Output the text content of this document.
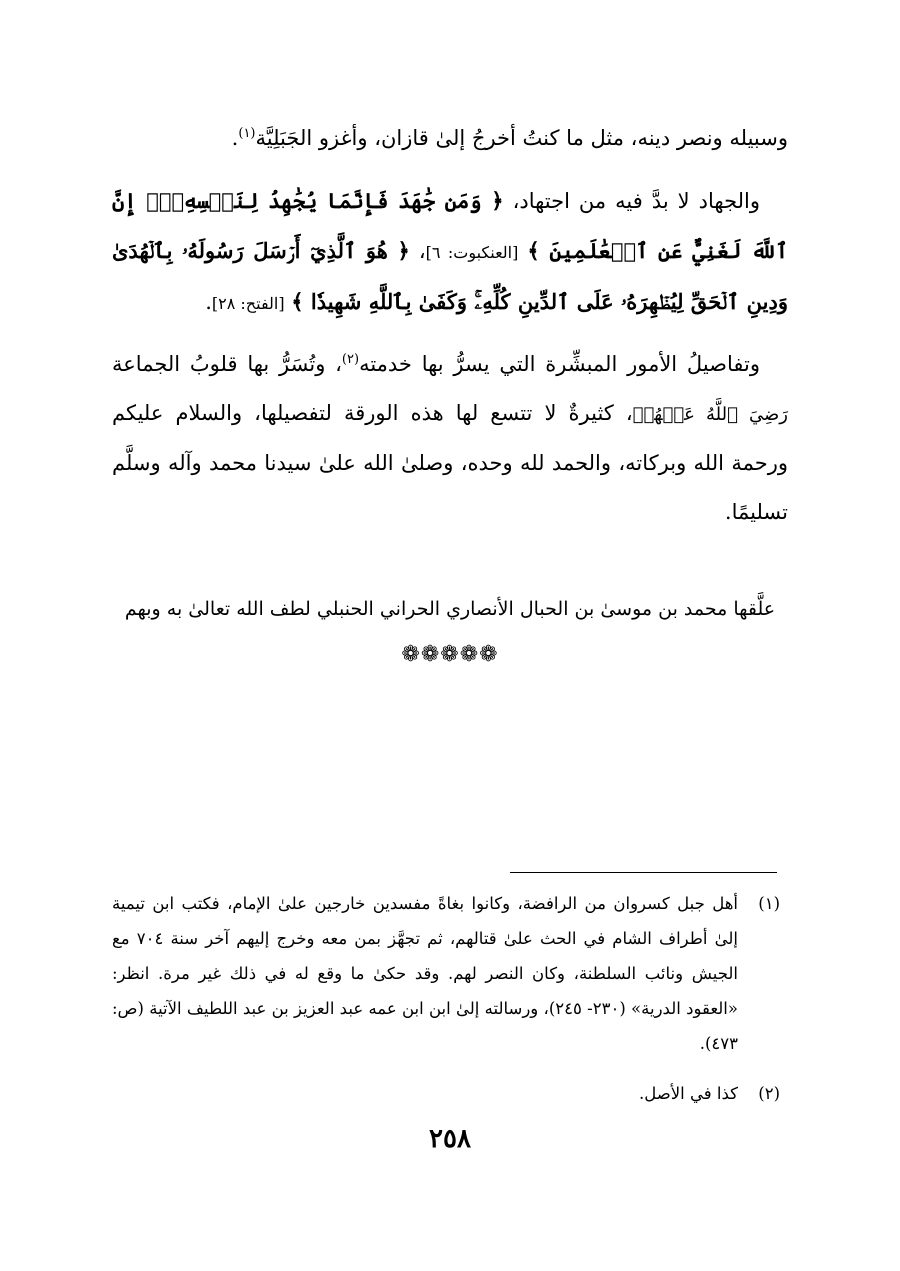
وسبيله ونصر دينه، مثل ما كنتُ أخرجُ إلىٰ قازان، وأغزو الجَبَلِيَّة$^{(١)}$.

والجهاد لا بدَّ فيه من اجتهاد، ﴿ وَمَن جَٰهَدَ فَإِنَّمَا يُجَٰهِدُ لِنَفۡسِهِۦٓۚ إِنَّ ٱللَّهَ لَغَنِيٌّ عَنِ ٱلۡعَٰلَمِينَ ﴾ [العنكبوت: ٦]، ﴿ هُوَ ٱلَّذِيٓ أَرۡسَلَ رَسُولَهُۥ بِٱلۡهُدَىٰ وَدِينِ ٱلۡحَقِّ لِيُظۡهِرَهُۥ عَلَى ٱلدِّينِ كُلِّهِۦۚ وَكَفَىٰ بِٱللَّهِ شَهِيدٗا ﴾ [الفتح: ٢٨].

وتفاصيلُ الأمور المبشِّرة التي يسرُّ بها خدمته$^{(٢)}$، وتُسَرُّ بها قلوبُ الجماعة رَضِيَ ٱللَّهُ عَنۡهُمۡ، كثيرةٌ لا تتسع لها هذه الورقة لتفصيلها، والسلام عليكم ورحمة الله وبركاته، والحمد لله وحده، وصلىٰ الله علىٰ سيدنا محمد وآله وسلَّم تسليمًا.

علَّقها محمد بن موسىٰ بن الحبال الأنصاري الحراني الحنبلي لطف الله تعالىٰ به وبهم

❁❁❁❁❁

(١)
أهل جبل كسروان من الرافضة، وكانوا بغاةً مفسدين خارجين علىٰ الإمام، فكتب ابن تيمية إلىٰ أطراف الشام في الحث علىٰ قتالهم، ثم تجهَّز بمن معه وخرج إليهم آخر سنة ٧٠٤ مع الجيش ونائب السلطنة، وكان النصر لهم. وقد حكىٰ ما وقع له في ذلك غير مرة. انظر: «العقود الدرية» (٢٣٠- ٢٤٥)، ورسالته إلىٰ ابن ابن عمه عبد العزيز بن عبد اللطيف الآتية (ص: ٤٧٣).

(٢)
كذا في الأصل.

٢٥٨
